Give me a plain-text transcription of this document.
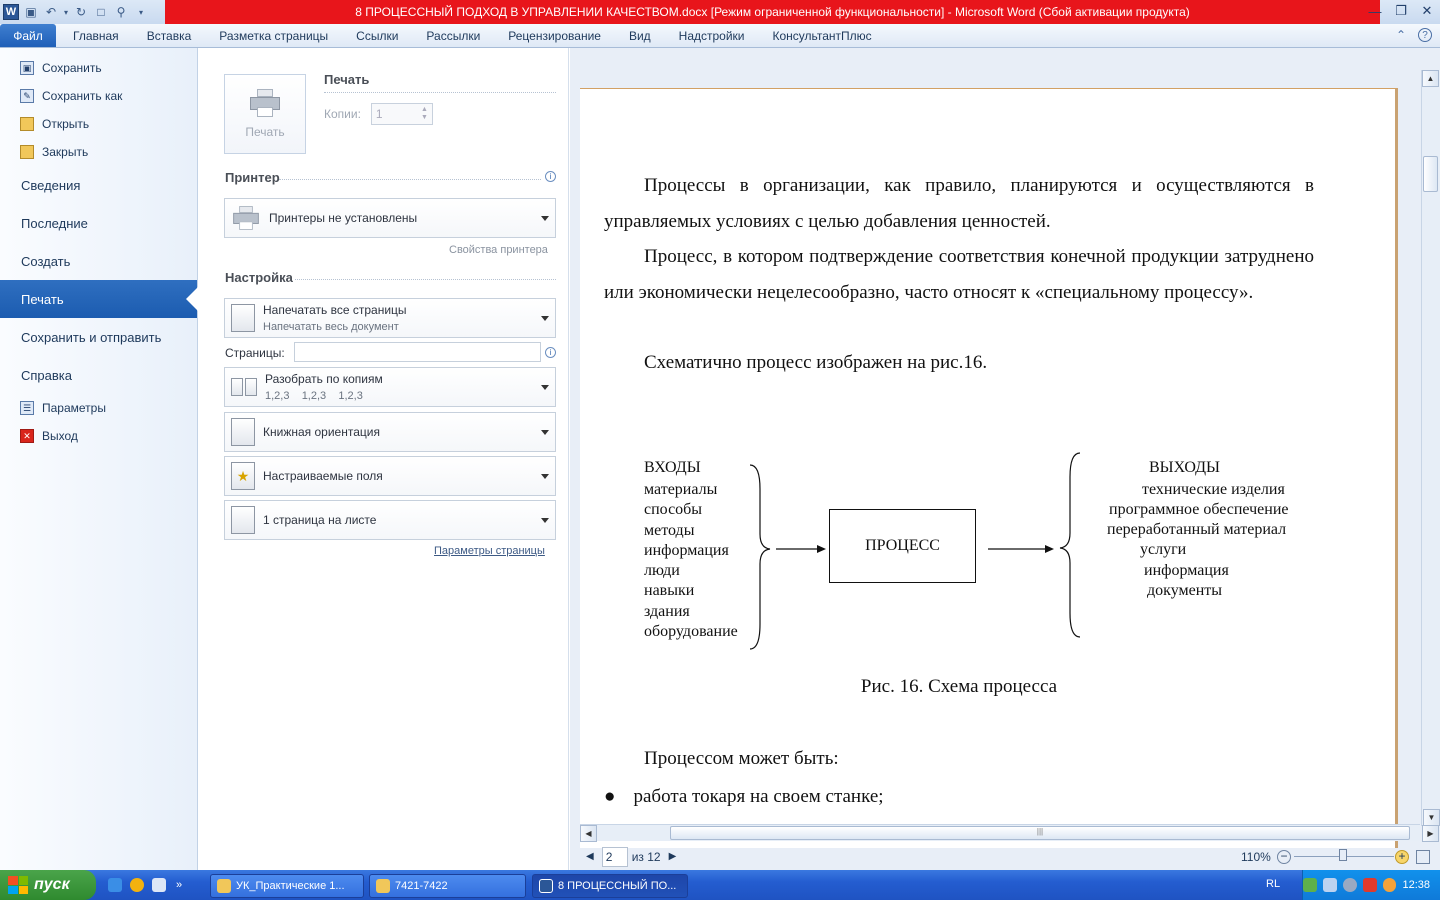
W ▣ ↶ ▾ ↻ □ ⚲	▾	8 ПРОЦЕССНЫЙ ПОДХОД В УПРАВЛЕНИИ КАЧЕСТВОМ.docx [Режим ограниченной функциональности] - Microsoft Word (Сбой активации продукта)	—	❐	✕
Файл	Главная	Вставка	Разметка страницы	Ссылки	Рассылки	Рецензирование	Вид	Надстройки	КонсультантПлюс	⌃	?
▣ Сохранить
✎ Сохранить как
Открыть
Закрыть
Сведения
Последние
Создать
Печать
Сохранить и отправить
Справка
☰ Параметры
✕ Выход
Печать
Печать
Копии: 1	▲
▼
Принтер	i
Принтеры не установлены
Свойства принтера
Настройка
Напечатать все страницы
Напечатать весь документ
Страницы:	i
Разобрать по копиям
1,2,3    1,2,3    1,2,3
Книжная ориентация
★	Настраиваемые поля
1 страница на листе
Параметры страницы
Процессы в организации, как правило, планируются и осуществляются в управляемых условиях с целью добавления ценностей.
Процесс, в котором подтверждение соответствия конечной продукции затруднено или экономически нецелесообразно, часто относят к «специальному процессу».
Схематично процесс изображен на рис.16.
ВХОДЫ
материалы
способы
методы
информация
люди
навыки
здания
оборудование
ПРОЦЕСС
ВЫХОДЫ
технические изделия
программное обеспечение
переработанный материал
услуги
информация
документы
Рис. 16. Схема процесса
Процессом может быть:
● работа токаря на своем станке;
▲
▼
◀	|||	▶
◀	2	из 12 ▶	110% −	+
пуск	»	УК_Практические 1...	7421-7422	8 ПРОЦЕССНЫЙ ПО...	RL	12:38
